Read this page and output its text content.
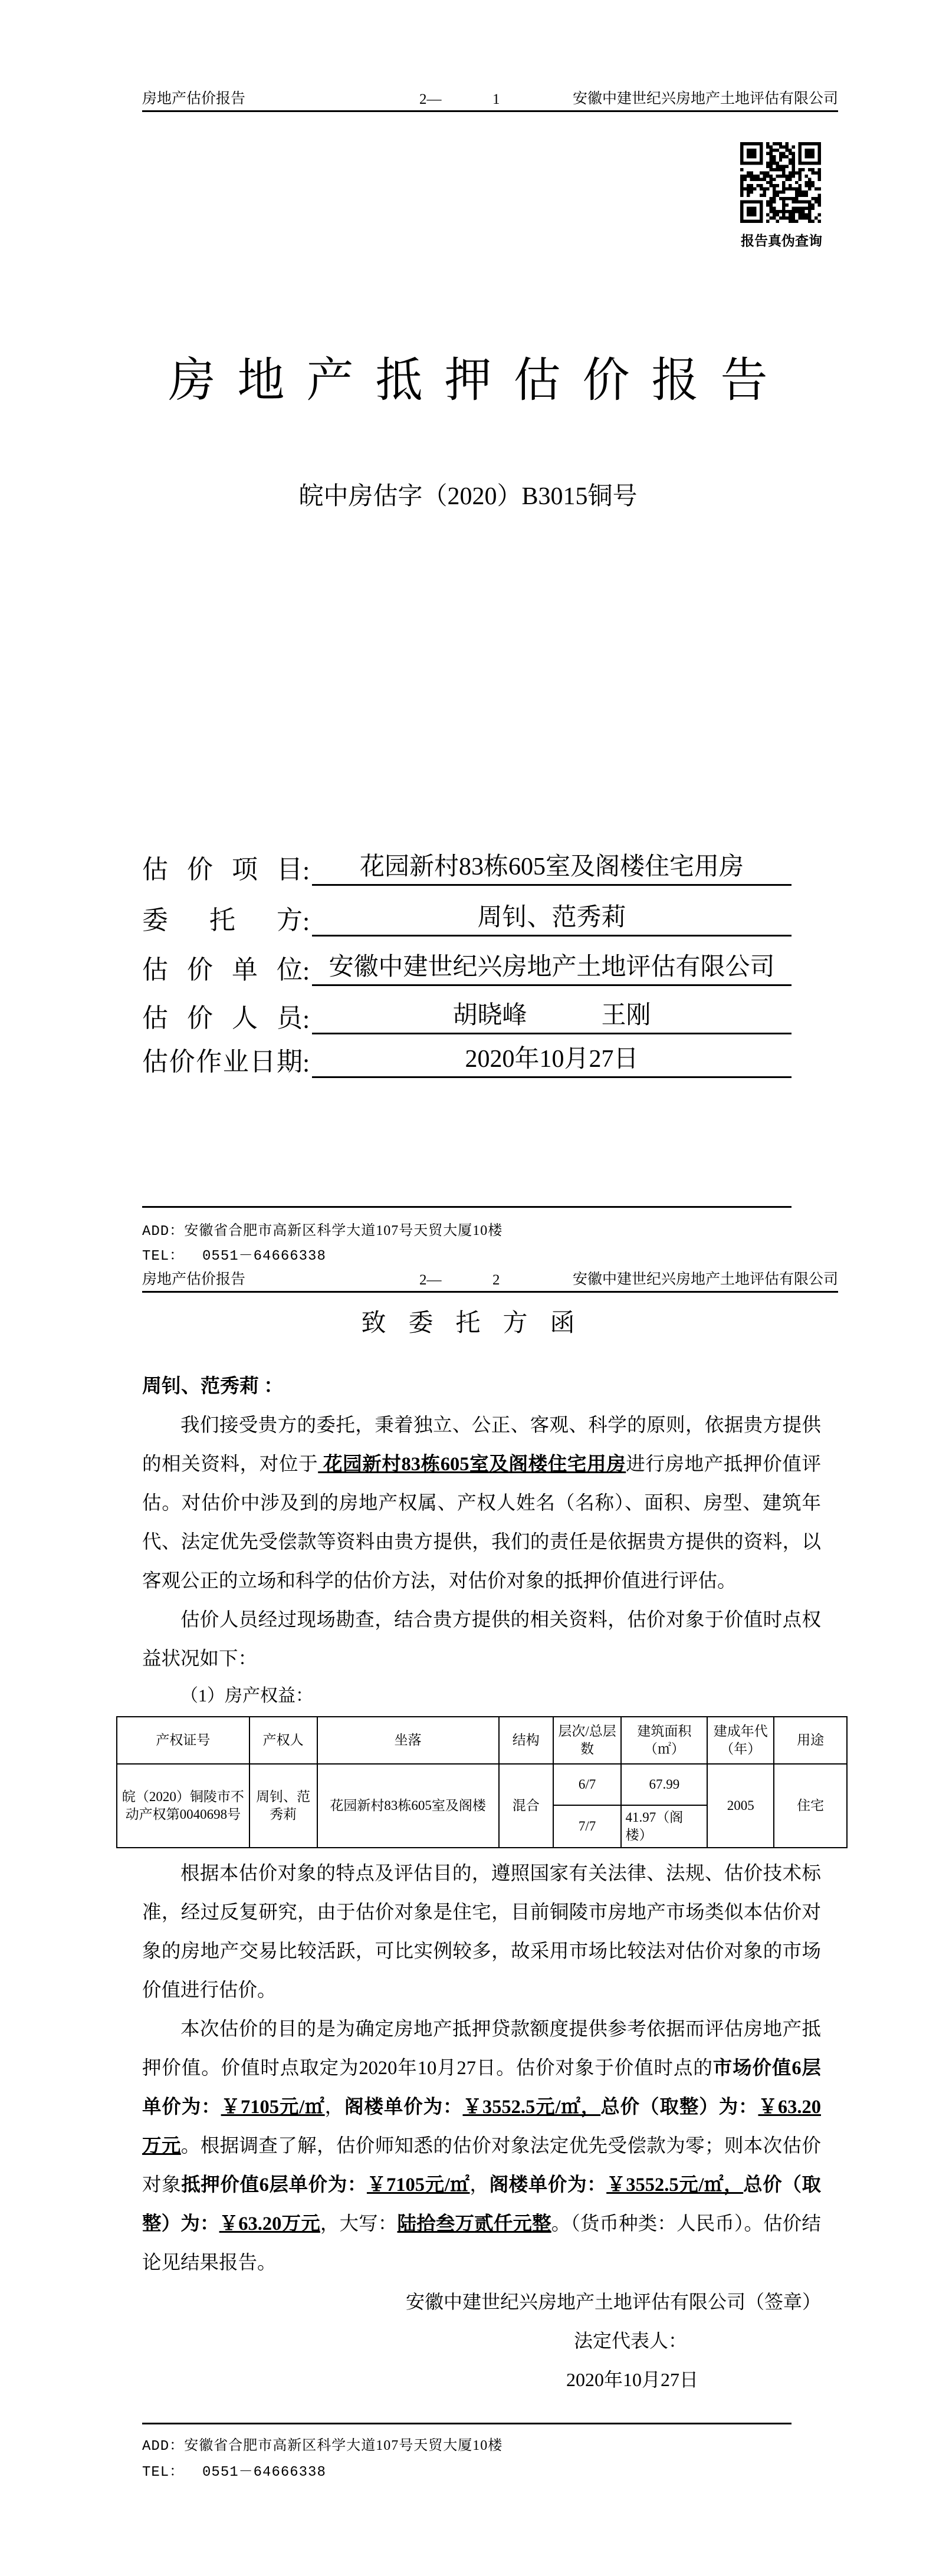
房地产估价报告	2—	1	安徽中建世纪兴房地产土地评估有限公司
报告真伪查询
房地产抵押估价报告
皖中房估字（2020）B3015铜号
估价项目 :	花园新村83栋605室及阁楼住宅用房
委托方 :	周钊、范秀莉
估价单位 : 安徽中建世纪兴房地产土地评估有限公司
估价人员 :	胡晓峰　　　王刚
估价作业日期 :	2020年10月27日
ADD：安徽省合肥市高新区科学大道107号天贸大厦10楼
TEL： 0551－64666338
房地产估价报告	2—	2	安徽中建世纪兴房地产土地评估有限公司
致委托方函
周钊、范秀莉 ：
我们接受贵方的委托，秉着独立、公正、客观、科学的原则，依据贵方提供的相关资料，对位于 花园新村83栋605室及阁楼住宅用房进行房地产抵押价值评估。对估价中涉及到的房地产权属、产权人姓名（名称）、面积、房型、建筑年代、法定优先受偿款等资料由贵方提供，我们的责任是依据贵方提供的资料，以客观公正的立场和科学的估价方法，对估价对象的抵押价值进行评估。
估价人员经过现场勘查，结合贵方提供的相关资料，估价对象于价值时点权益状况如下：
（1）房产权益：
产权证号	产权人	坐落	结构	层次/总层数	建筑面积（㎡）	建成年代（年）	用途
皖（2020）铜陵市不动产权第0040698号	周钊、范秀莉	花园新村83栋605室及阁楼	混合	6/7	67.99	2005	住宅
				7/7	41.97（阁楼）		
根据本估价对象的特点及评估目的，遵照国家有关法律、法规、估价技术标准，经过反复研究，由于估价对象是住宅，目前铜陵市房地产市场类似本估价对象的房地产交易比较活跃，可比实例较多，故采用市场比较法对估价对象的市场价值进行估价。
本次估价的目的是为确定房地产抵押贷款额度提供参考依据而评估房地产抵押价值。价值时点取定为2020年10月27日。估价对象于价值时点的市场价值6层单价为：￥7105元/㎡，阁楼单价为：￥3552.5元/㎡，总价（取整）为：￥63.20万元。根据调查了解，估价师知悉的估价对象法定优先受偿款为零；则本次估价对象抵押价值6层单价为：￥7105元/㎡，阁楼单价为：￥3552.5元/㎡，总价（取整）为：￥63.20万元，大写：陆拾叁万贰仟元整。（货币种类：人民币）。估价结论见结果报告。
安徽中建世纪兴房地产土地评估有限公司（签章）
法定代表人：
2020年10月27日
ADD：安徽省合肥市高新区科学大道107号天贸大厦10楼
TEL： 0551－64666338
